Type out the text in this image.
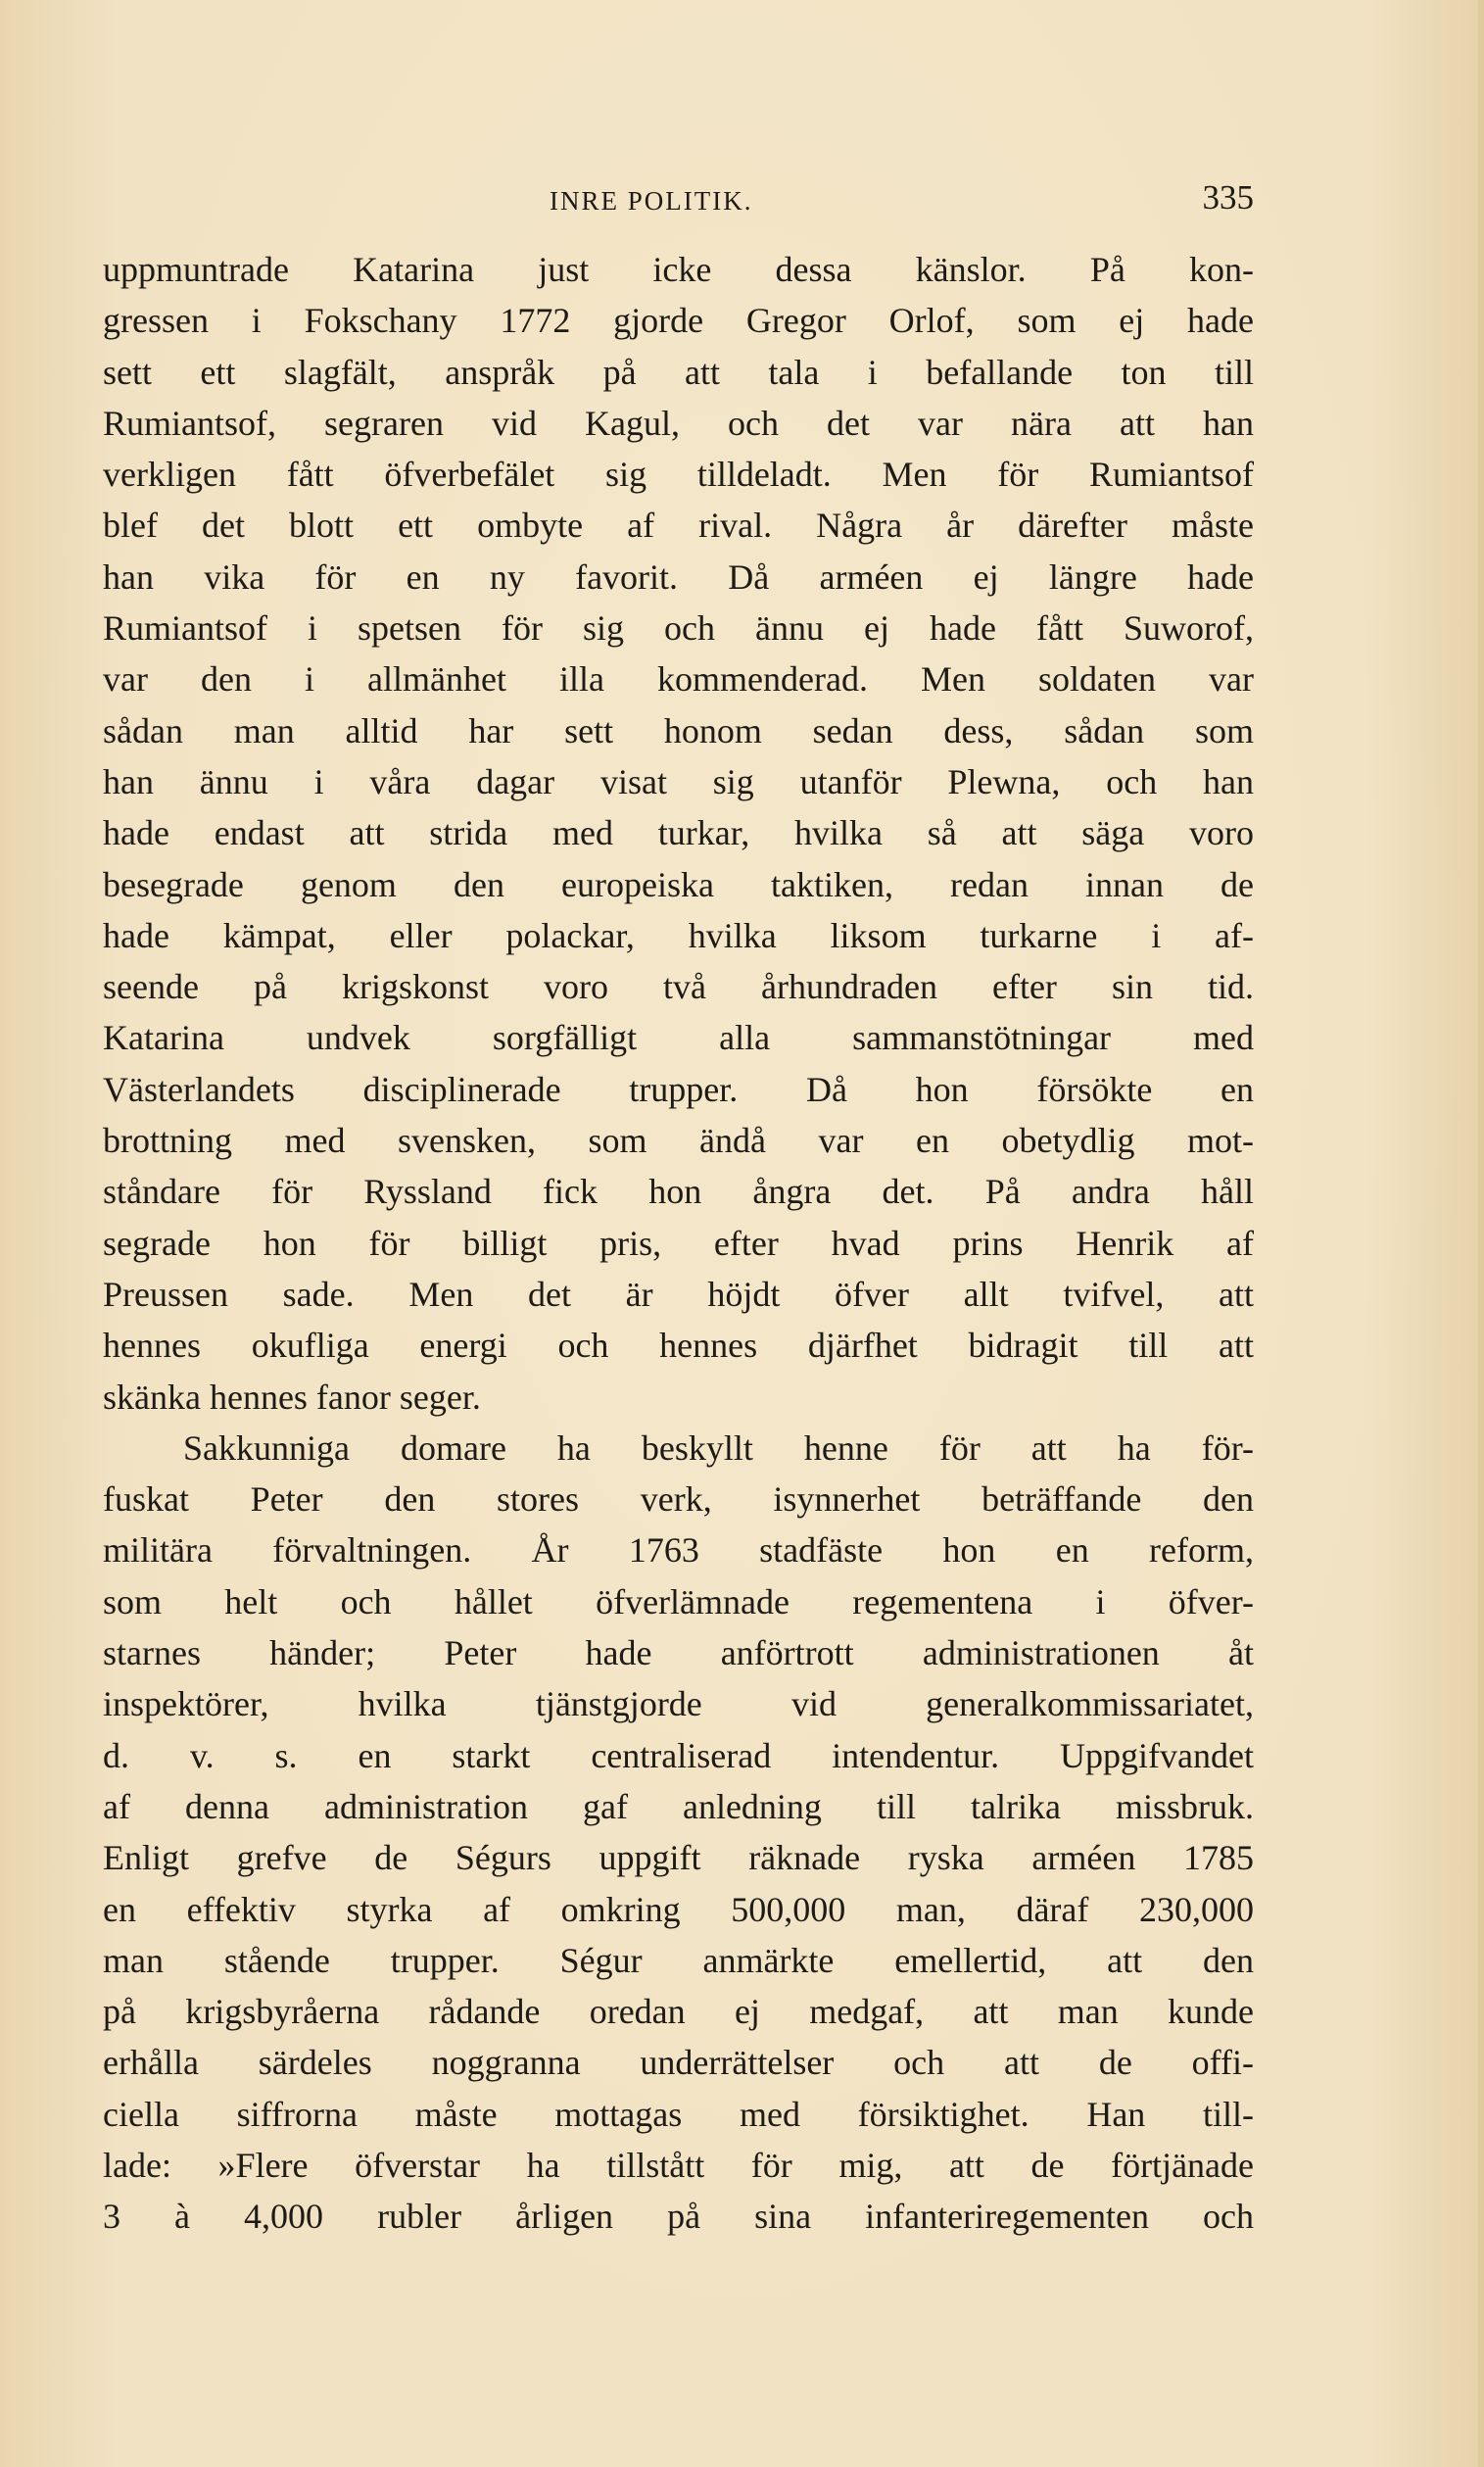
INRE POLITIK.	335
uppmuntrade Katarina just icke dessa känslor. På kon-
gressen i Fokschany 1772 gjorde Gregor Orlof, som ej hade
sett ett slagfält, anspråk på att tala i befallande ton till
Rumiantsof, segraren vid Kagul, och det var nära att han
verkligen fått öfverbefälet sig tilldeladt. Men för Rumiantsof
blef det blott ett ombyte af rival. Några år därefter måste
han vika för en ny favorit. Då arméen ej längre hade
Rumiantsof i spetsen för sig och ännu ej hade fått Suworof,
var den i allmänhet illa kommenderad. Men soldaten var
sådan man alltid har sett honom sedan dess, sådan som
han ännu i våra dagar visat sig utanför Plewna, och han
hade endast att strida med turkar, hvilka så att säga voro
besegrade genom den europeiska taktiken, redan innan de
hade kämpat, eller polackar, hvilka liksom turkarne i af-
seende på krigskonst voro två århundraden efter sin tid.
Katarina undvek sorgfälligt alla sammanstötningar med
Västerlandets disciplinerade trupper. Då hon försökte en
brottning med svensken, som ändå var en obetydlig mot-
ståndare för Ryssland fick hon ångra det. På andra håll
segrade hon för billigt pris, efter hvad prins Henrik af
Preussen sade. Men det är höjdt öfver allt tvifvel, att
hennes okufliga energi och hennes djärfhet bidragit till att
skänka hennes fanor seger.
Sakkunniga domare ha beskyllt henne för att ha för-
fuskat Peter den stores verk, isynnerhet beträffande den
militära förvaltningen. År 1763 stadfäste hon en reform,
som helt och hållet öfverlämnade regementena i öfver-
starnes händer; Peter hade anförtrott administrationen åt
inspektörer, hvilka tjänstgjorde vid generalkommissariatet,
d. v. s. en starkt centraliserad intendentur. Uppgifvandet
af denna administration gaf anledning till talrika missbruk.
Enligt grefve de Ségurs uppgift räknade ryska arméen 1785
en effektiv styrka af omkring 500,000 man, däraf 230,000
man stående trupper. Ségur anmärkte emellertid, att den
på krigsbyråerna rådande oredan ej medgaf, att man kunde
erhålla särdeles noggranna underrättelser och att de offi-
ciella siffrorna måste mottagas med försiktighet. Han till-
lade: »Flere öfverstar ha tillstått för mig, att de förtjänade
3 à 4,000 rubler årligen på sina infanteriregementen och
